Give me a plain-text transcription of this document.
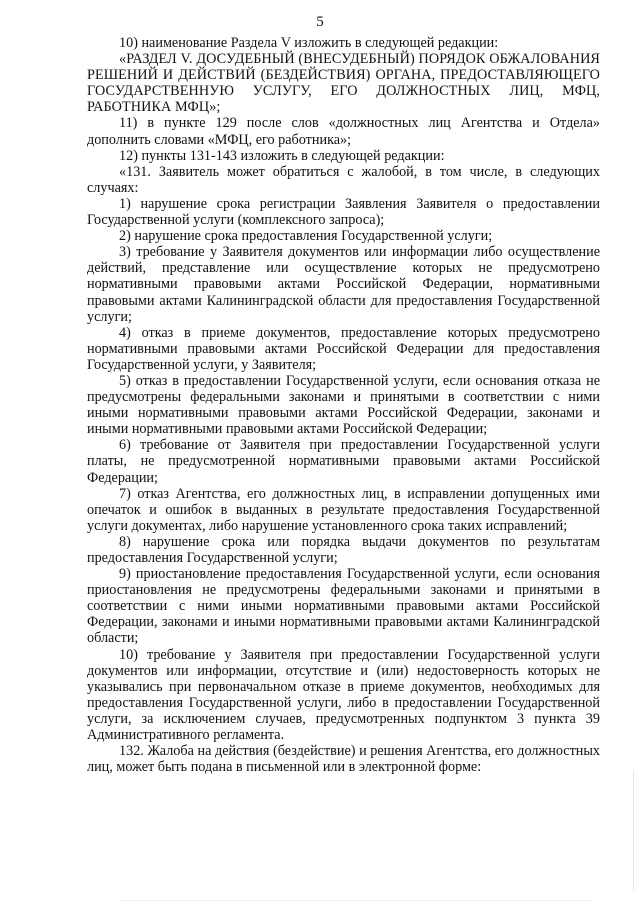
5

10) наименование Раздела V изложить в следующей редакции:

«РАЗДЕЛ V. ДОСУДЕБНЫЙ (ВНЕСУДЕБНЫЙ) ПОРЯДОК ОБЖАЛОВАНИЯ РЕШЕНИЙ И ДЕЙСТВИЙ (БЕЗДЕЙСТВИЯ) ОРГАНА, ПРЕДОСТАВЛЯЮЩЕГО ГОСУДАРСТВЕННУЮ УСЛУГУ, ЕГО ДОЛЖНОСТНЫХ ЛИЦ, МФЦ, РАБОТНИКА МФЦ»;

11) в пункте 129 после слов «должностных лиц Агентства и Отдела» дополнить словами «МФЦ, его работника»;

12) пункты 131-143 изложить в следующей редакции:

«131. Заявитель может обратиться с жалобой, в том числе, в следующих случаях:

1) нарушение срока регистрации Заявления Заявителя о предоставлении Государственной услуги (комплексного запроса);

2) нарушение срока предоставления Государственной услуги;

3) требование у Заявителя документов или информации либо осуществление действий, представление или осуществление которых не предусмотрено нормативными правовыми актами Российской Федерации, нормативными правовыми актами Калининградской области для предоставления Государственной услуги;

4) отказ в приеме документов, предоставление которых предусмотрено нормативными правовыми актами Российской Федерации для предоставления Государственной услуги, у Заявителя;

5) отказ в предоставлении Государственной услуги, если основания отказа не предусмотрены федеральными законами и принятыми в соответствии с ними иными нормативными правовыми актами Российской Федерации, законами и иными нормативными правовыми актами Российской Федерации;

6) требование от Заявителя при предоставлении Государственной услуги платы, не предусмотренной нормативными правовыми актами Российской Федерации;

7) отказ Агентства, его должностных лиц, в исправлении допущенных ими опечаток и ошибок в выданных в результате предоставления Государственной услуги документах, либо нарушение установленного срока таких исправлений;

8) нарушение срока или порядка выдачи документов по результатам предоставления Государственной услуги;

9) приостановление предоставления Государственной услуги, если основания приостановления не предусмотрены федеральными законами и принятыми в соответствии с ними иными нормативными правовыми актами Российской Федерации, законами и иными нормативными правовыми актами Калининградской области;

10) требование у Заявителя при предоставлении Государственной услуги документов или информации, отсутствие и (или) недостоверность которых не указывались при первоначальном отказе в приеме документов, необходимых для предоставления Государственной услуги, либо в предоставлении Государственной услуги, за исключением случаев, предусмотренных подпунктом 3 пункта 39 Административного регламента.

132. Жалоба на действия (бездействие) и решения Агентства, его должностных лиц, может быть подана в письменной или в электронной форме:
